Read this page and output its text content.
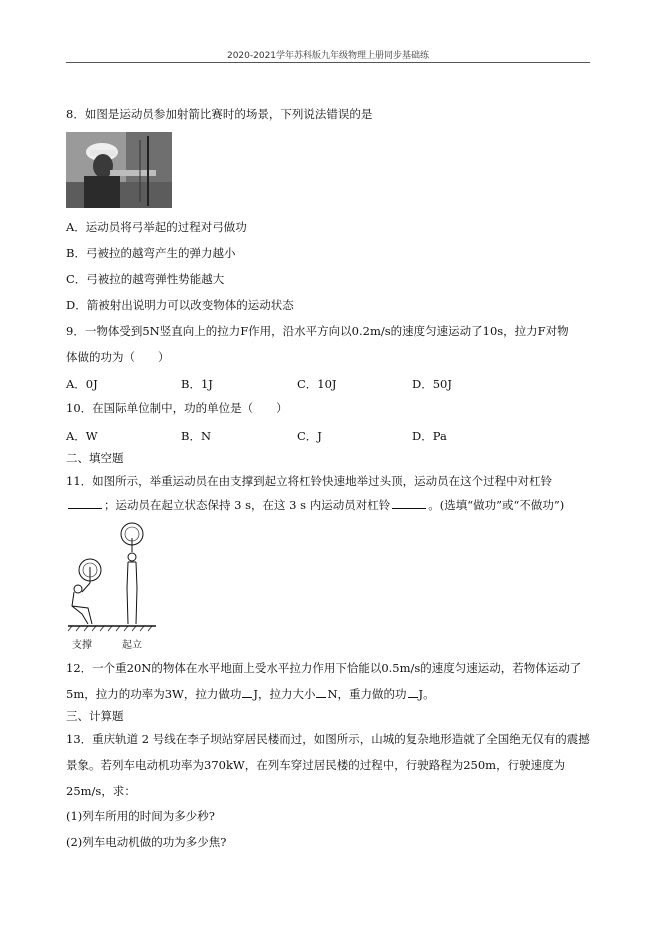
2020-2021学年苏科版九年级物理上册同步基础练
8．如图是运动员参加射箭比赛时的场景，下列说法错误的是
A．运动员将弓举起的过程对弓做功
B．弓被拉的越弯产生的弹力越小
C．弓被拉的越弯弹性势能越大
D．箭被射出说明力可以改变物体的运动状态
9．一物体受到5N竖直向上的拉力F作用，沿水平方向以0.2m/s的速度匀速运动了10s，拉力F对物
体做的功为（　　）
A．0J	B．1J	C．10J	D．50J
10．在国际单位制中，功的单位是（　　）
A．W	B．N	C．J	D．Pa
二、填空题
11．如图所示，举重运动员在由支撑到起立将杠铃快速地举过头顶，运动员在这个过程中对杠铃
；运动员在起立状态保持 3 s，在这 3 s 内运动员对杠铃	。(选填“做功”或“不做功”)
支撑	起立
12．一个重20N的物体在水平地面上受水平拉力作用下恰能以0.5m/s的速度匀速运动，若物体运动了
5m，拉力的功率为3W，拉力做功 J，拉力大小 N，重力做的功 J。
三、计算题
13．重庆轨道 2 号线在李子坝站穿居民楼而过，如图所示，山城的复杂地形造就了全国绝无仅有的震撼
景象。若列车电动机功率为370kW，在列车穿过居民楼的过程中，行驶路程为250m，行驶速度为
25m/s，求：
(1)列车所用的时间为多少秒?
(2)列车电动机做的功为多少焦?
